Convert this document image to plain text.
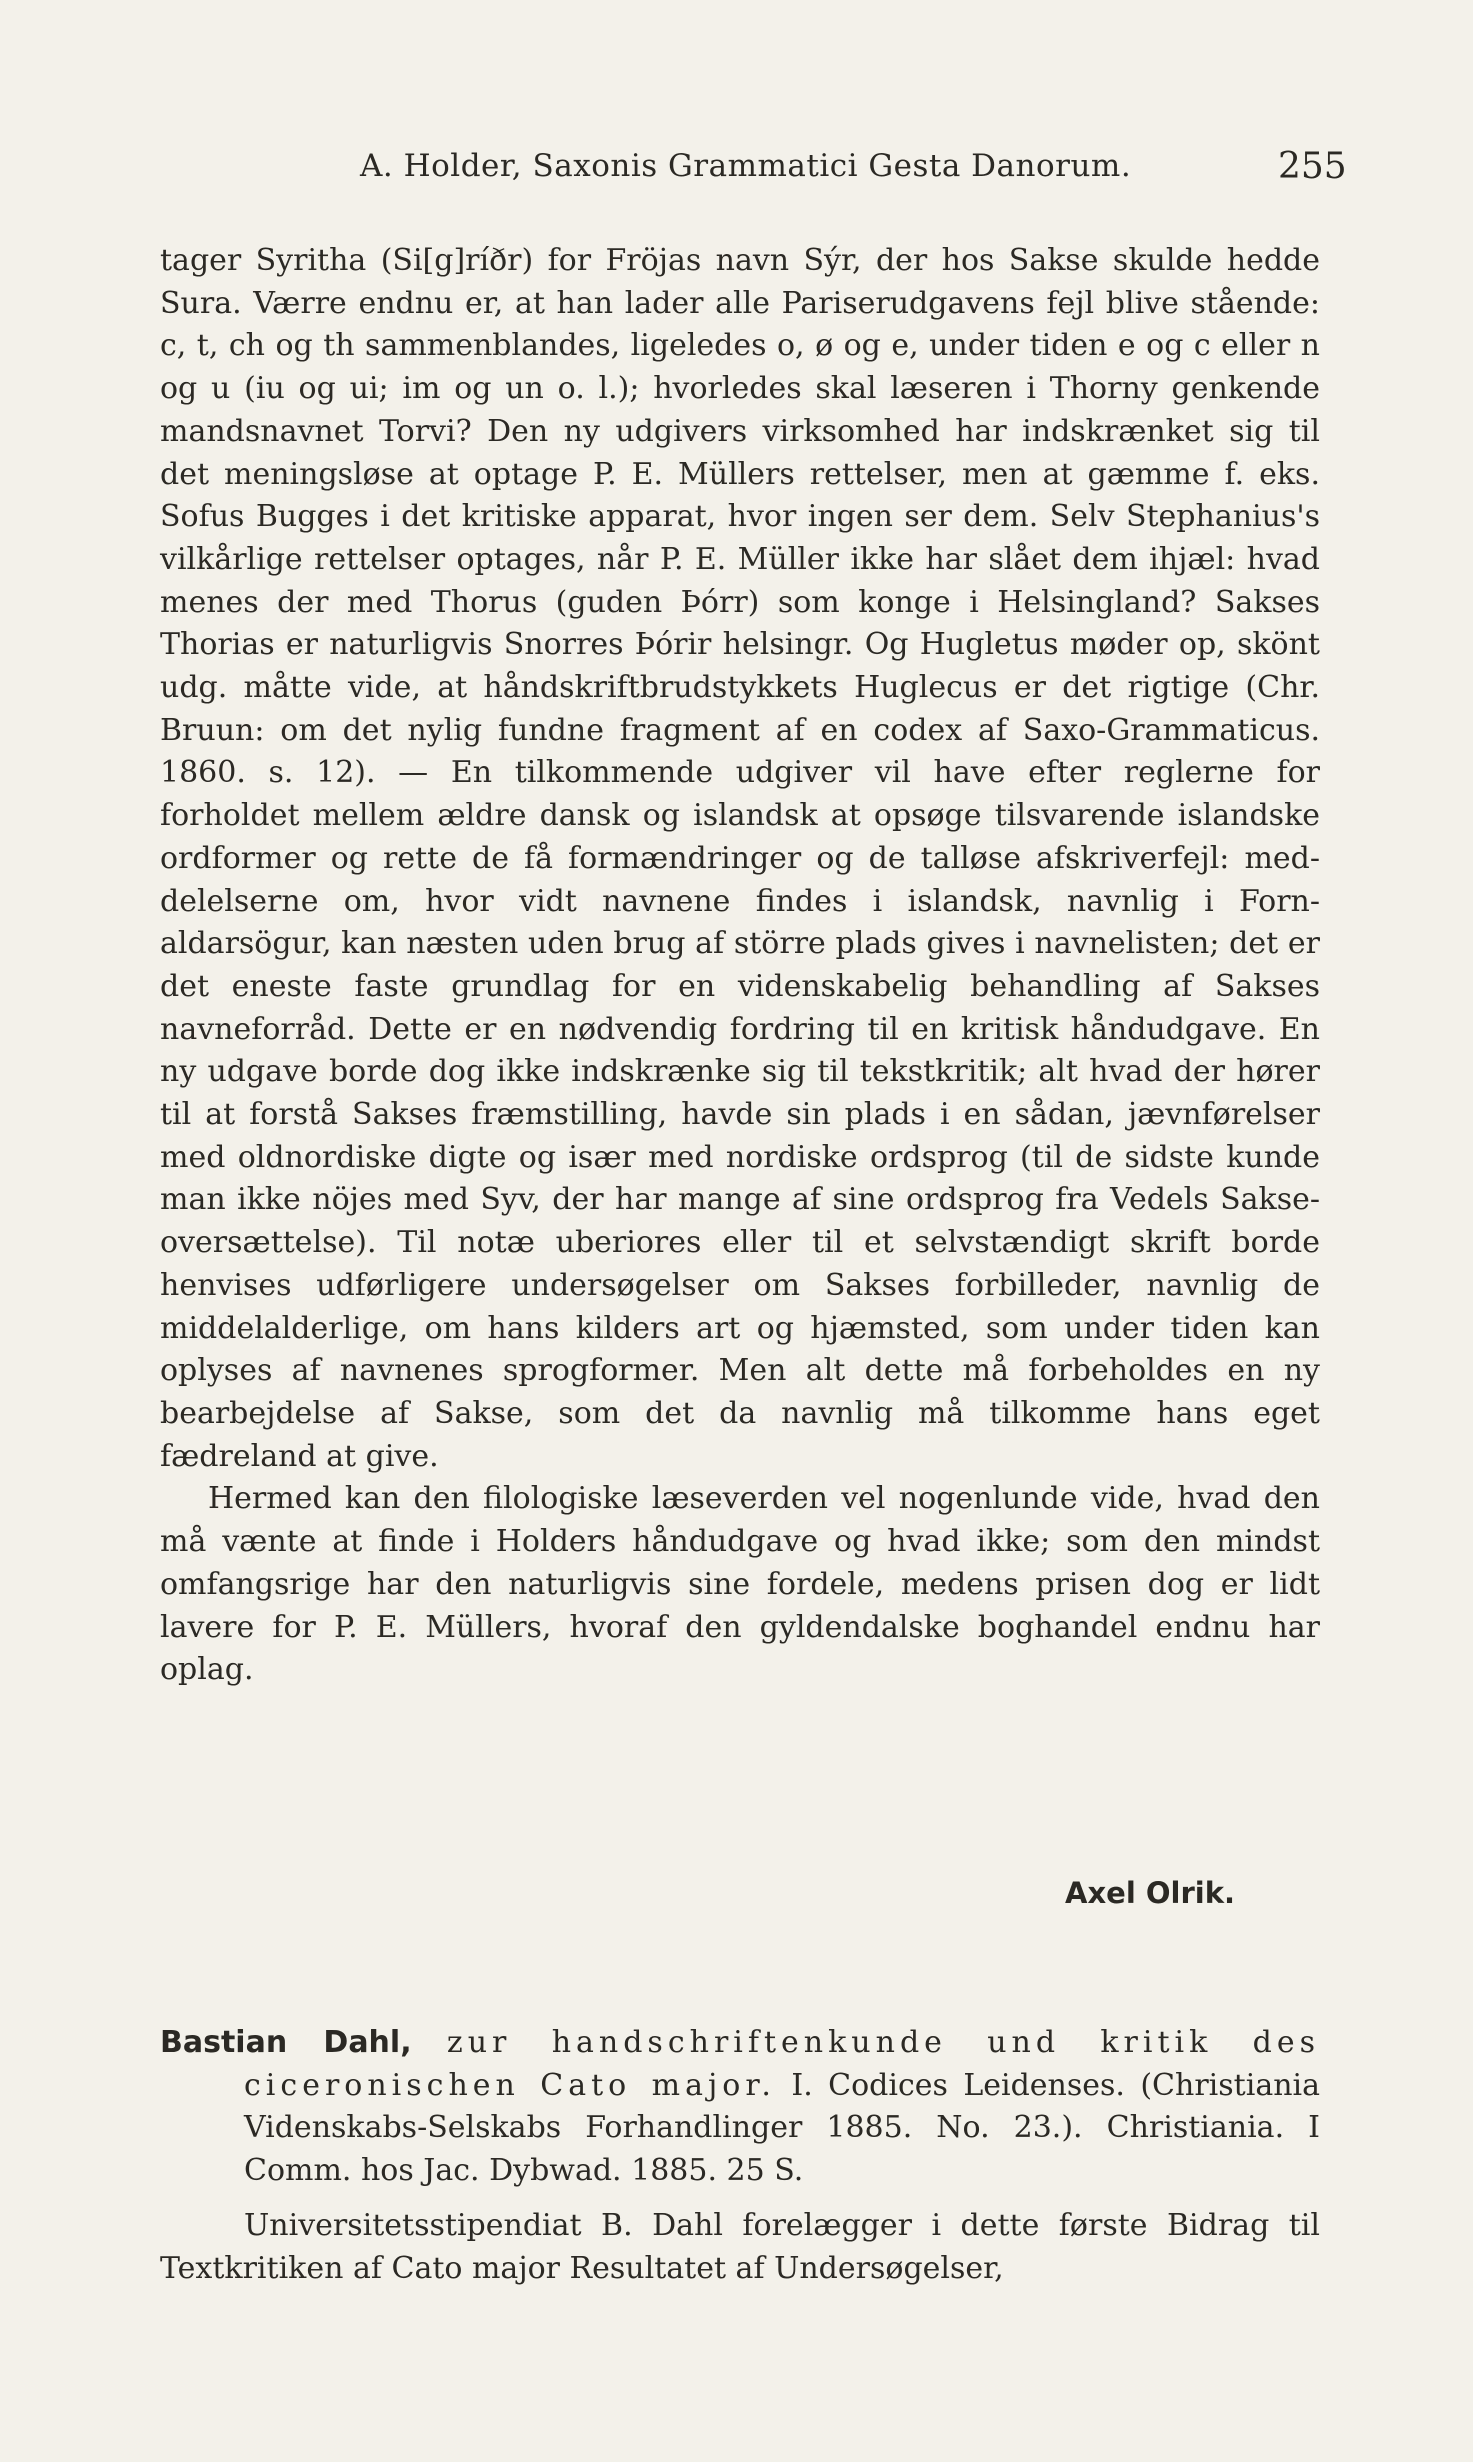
A. Holder, Saxonis Grammatici Gesta Danorum.	255

tager Syritha (Si[g]ríðr) for Fröjas navn Sýr, der hos Sakse skulde hedde Sura. Værre endnu er, at han lader alle Pariserudgavens fejl blive stående: c, t, ch og th sammenblandes, ligeledes o, ø og e, under tiden e og c eller n og u (iu og ui; im og un o. l.); hvorledes skal læseren i Thorny genkende mandsnavnet Torvi? Den ny udgivers virksomhed har indskrænket sig til det meningsløse at optage P. E. Müllers rettelser, men at gæmme f. eks. Sofus Bugges i det kritiske apparat, hvor ingen ser dem. Selv Stephanius's vilkårlige rettelser optages, når P. E. Müller ikke har slået dem ihjæl: hvad menes der med Thorus (guden Þórr) som konge i Helsingland? Sakses Thorias er naturligvis Snorres Þórir helsingr. Og Hugletus møder op, skönt udg. måtte vide, at håndskriftbrudstykkets Huglecus er det rigtige (Chr. Bruun: om det nylig fundne fragment af en codex af Saxo-Grammaticus. 1860. s. 12). — En tilkommende udgiver vil have efter reglerne for forholdet mellem ældre dansk og islandsk at opsøge tilsvarende islandske ordformer og rette de få formændringer og de talløse afskriverfejl: meddelelserne om, hvor vidt navnene findes i islandsk, navnlig i Fornaldarsögur, kan næsten uden brug af större plads gives i navnelisten; det er det eneste faste grundlag for en videnskabelig behandling af Sakses navneforråd. Dette er en nødvendig fordring til en kritisk håndudgave. En ny udgave borde dog ikke indskrænke sig til tekstkritik; alt hvad der hører til at forstå Sakses fræmstilling, havde sin plads i en sådan, jævnførelser med oldnordiske digte og især med nordiske ordsprog (til de sidste kunde man ikke nöjes med Syv, der har mange af sine ordsprog fra Vedels Sakse-oversættelse). Til notæ uberiores eller til et selvstændigt skrift borde henvises udførligere undersøgelser om Sakses forbilleder, navnlig de middelalderlige, om hans kilders art og hjæmsted, som under tiden kan oplyses af navnenes sprogformer. Men alt dette må forbeholdes en ny bearbejdelse af Sakse, som det da navnlig må tilkomme hans eget fædreland at give.

Hermed kan den filologiske læseverden vel nogenlunde vide, hvad den må vænte at finde i Holders håndudgave og hvad ikke; som den mindst omfangsrige har den naturligvis sine fordele, medens prisen dog er lidt lavere for P. E. Müllers, hvoraf den gyldendalske boghandel endnu har oplag.

Axel Olrik.

Bastian Dahl, zur handschriftenkunde und kritik des ciceronischen Cato major. I. Codices Leidenses. (Christiania Videnskabs-Selskabs Forhandlinger 1885. No. 23.). Christiania. I Comm. hos Jac. Dybwad. 1885. 25 S.

Universitetsstipendiat B. Dahl forelægger i dette første Bidrag til Textkritiken af Cato major Resultatet af Undersøgelser,
